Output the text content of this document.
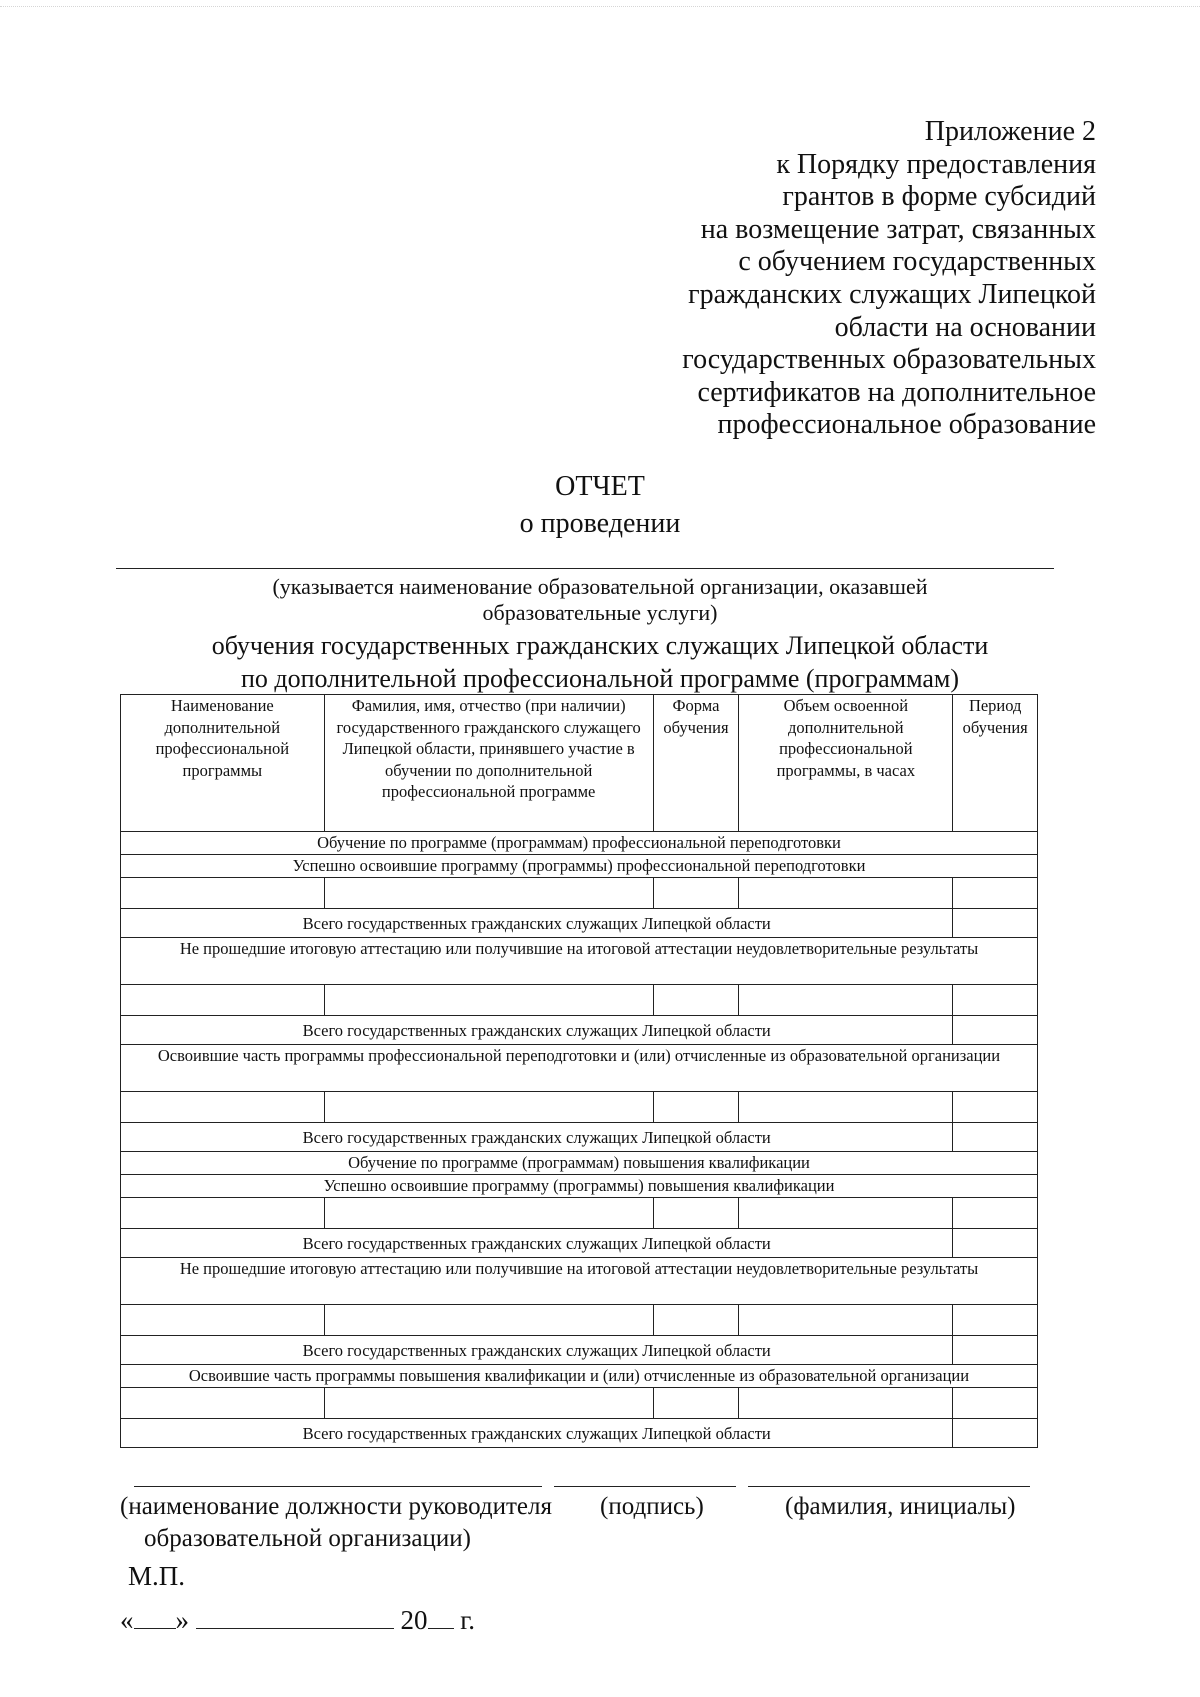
Приложение 2
к Порядку предоставления
грантов в форме субсидий
на возмещение затрат, связанных
с обучением государственных
гражданских служащих Липецкой
области на основании
государственных образовательных
сертификатов на дополнительное
профессиональное образование
ОТЧЕТ
о проведении
(указывается наименование образовательной организации, оказавшей
образовательные услуги)
обучения государственных гражданских служащих Липецкой области
по дополнительной профессиональной программе (программам)
Наименование дополнительной профессиональной программы	Фамилия, имя, отчество (при наличии) государственного гражданского служащего Липецкой области, принявшего участие в обучении по дополнительной профессиональной программе	Форма обучения	Объем освоенной дополнительной профессиональной программы, в часах	Период обучения
Обучение по программе (программам) профессиональной переподготовки				
Успешно освоившие программу (программы) профессиональной переподготовки				

Всего государственных гражданских служащих Липецкой области				
Не прошедшие итоговую аттестацию или получившие на итоговой аттестации неудовлетворительные результаты				

Всего государственных гражданских служащих Липецкой области				
Освоившие часть программы профессиональной переподготовки и (или) отчисленные из образовательной организации				

Всего государственных гражданских служащих Липецкой области				
Обучение по программе (программам) повышения квалификации				
Успешно освоившие программу (программы) повышения квалификации				

Всего государственных гражданских служащих Липецкой области				
Не прошедшие итоговую аттестацию или получившие на итоговой аттестации неудовлетворительные результаты				

Всего государственных гражданских служащих Липецкой области				
Освоившие часть программы повышения квалификации и (или) отчисленные из образовательной организации				

Всего государственных гражданских служащих Липецкой области				
(наименование должности руководителя
образовательной организации)
(подпись)	(фамилия, инициалы)
М.П.
« »	20 г.
